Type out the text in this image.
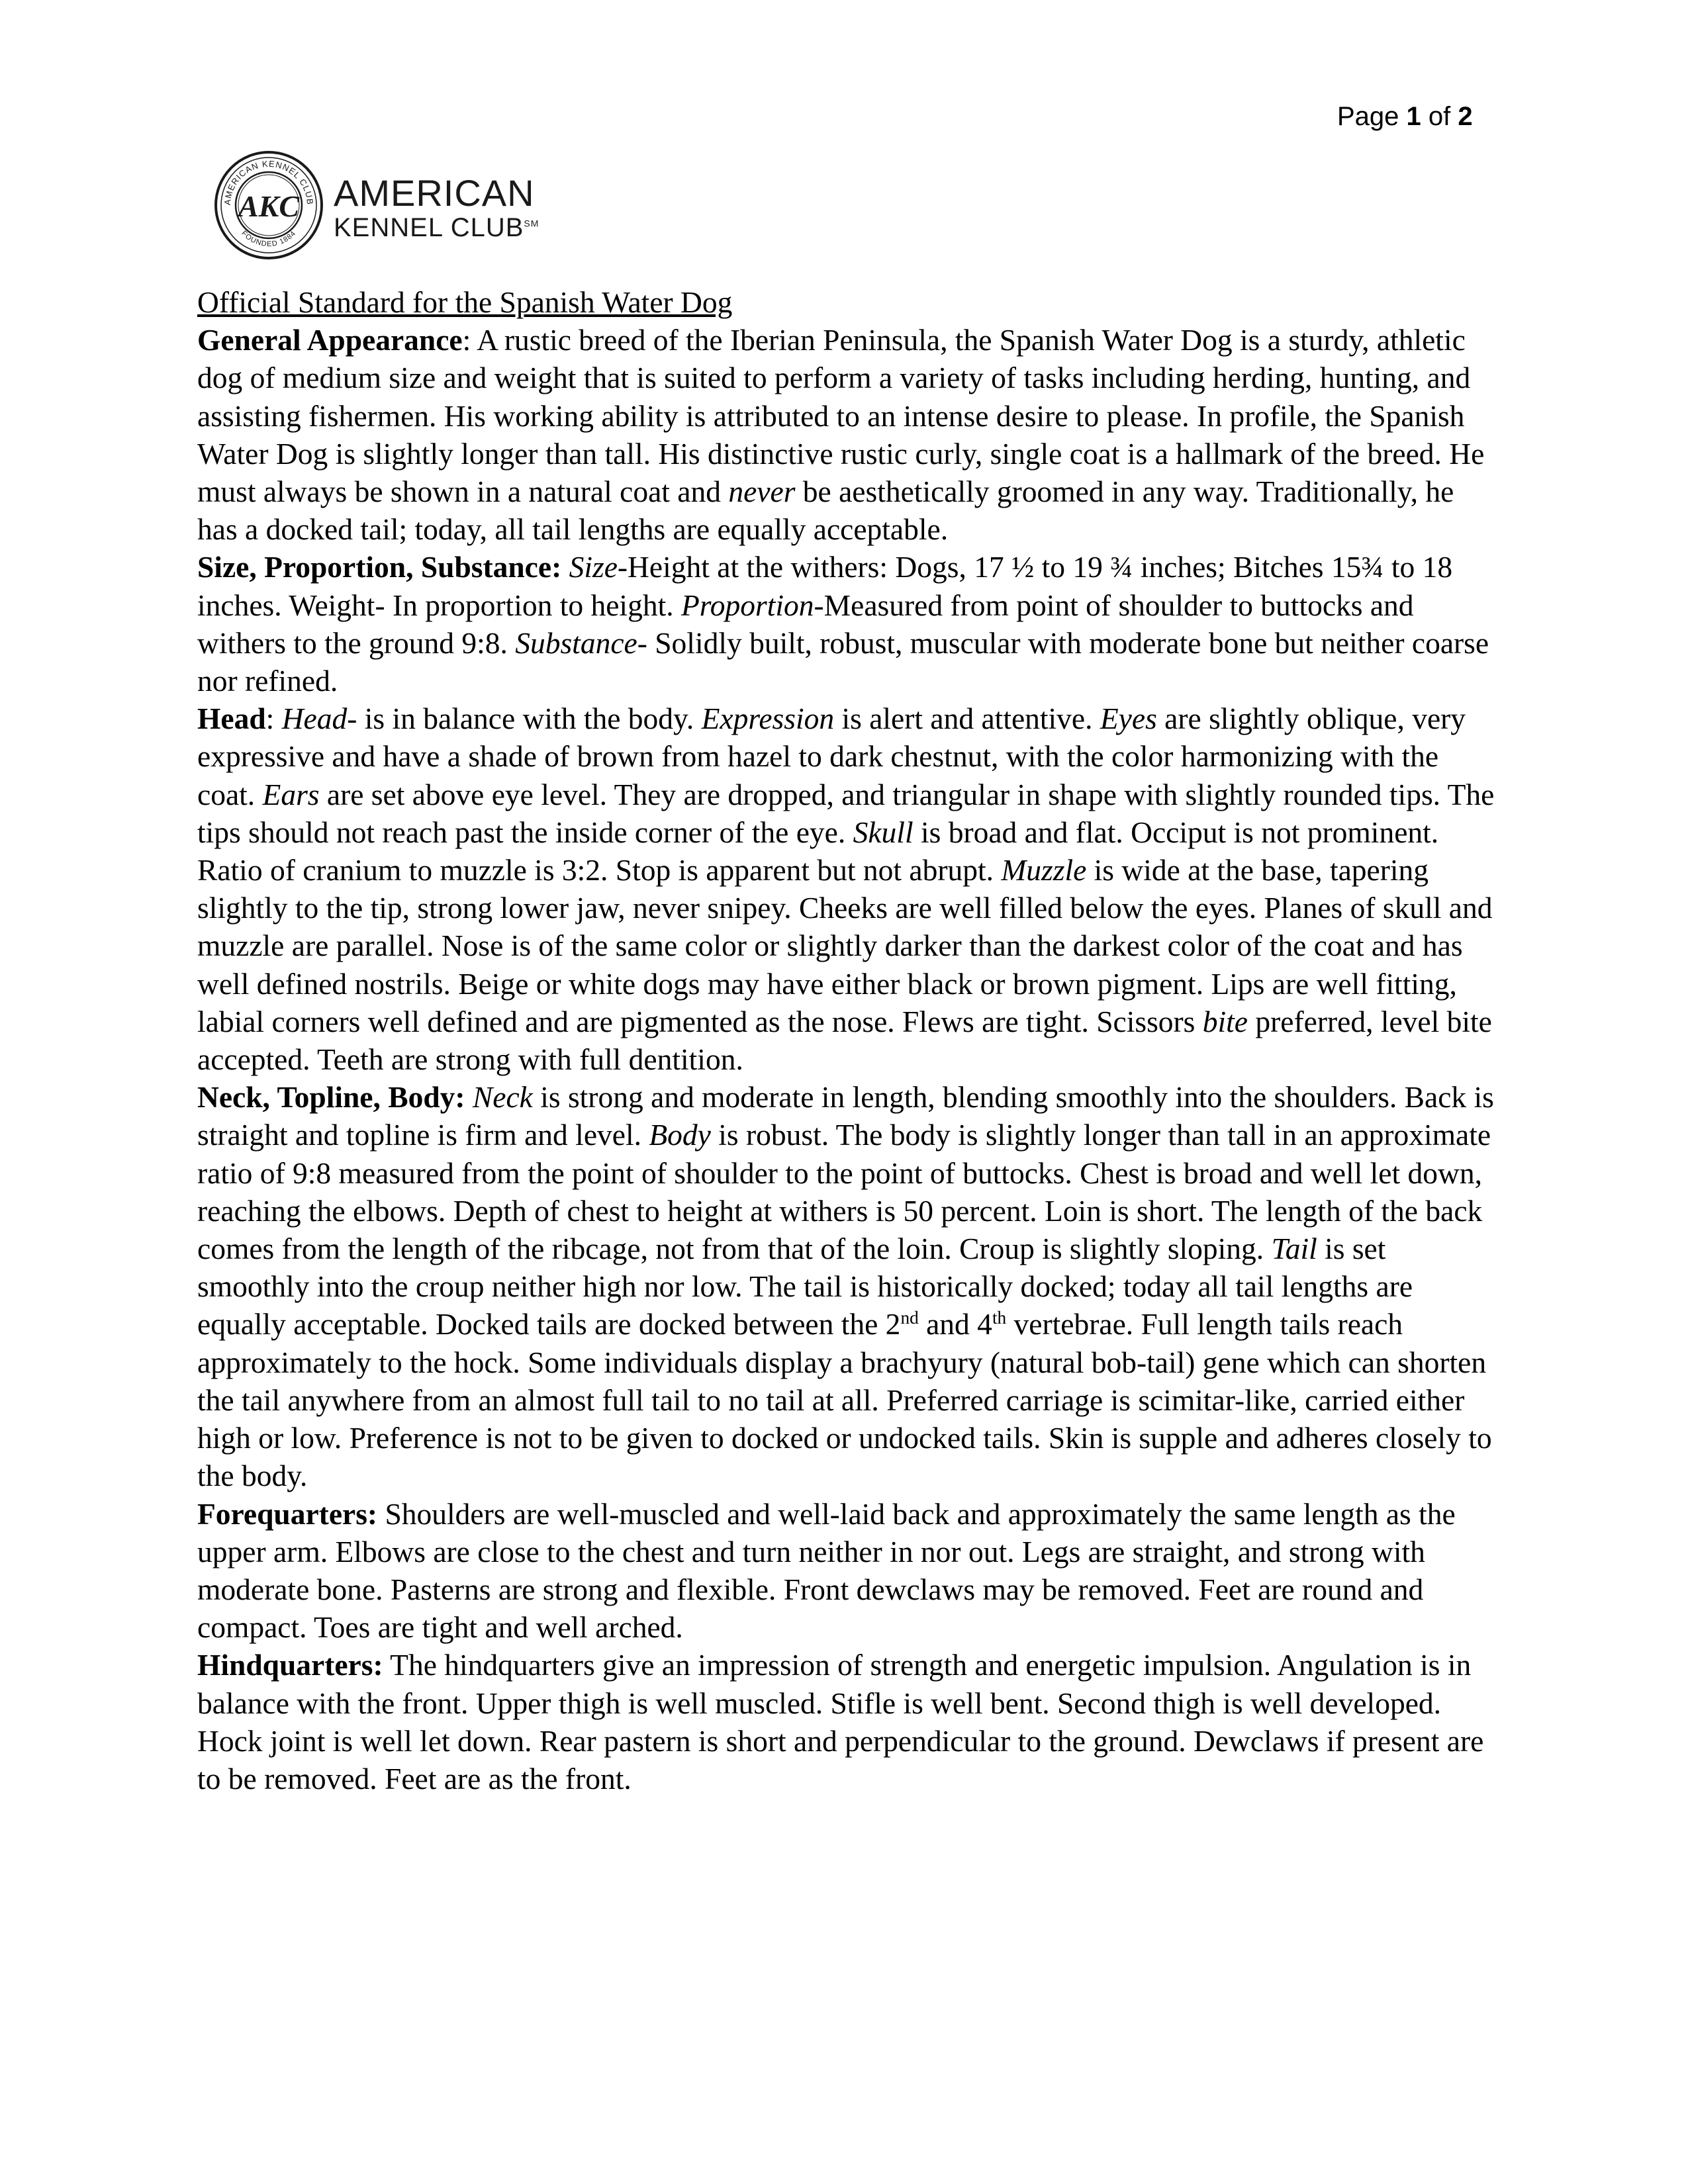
Page 1 of 2
AMERICAN KENNEL CLUB
FOUNDED 1884
AKC AMERICAN
KENNEL CLUB℠

Official Standard for the Spanish Water Dog

General Appearance: A rustic breed of the Iberian Peninsula, the Spanish Water Dog is a sturdy, athletic dog of medium size and weight that is suited to perform a variety of tasks including herding, hunting, and assisting fishermen. His working ability is attributed to an intense desire to please. In profile, the Spanish Water Dog is slightly longer than tall. His distinctive rustic curly, single coat is a hallmark of the breed. He must always be shown in a natural coat and never be aesthetically groomed in any way. Traditionally, he has a docked tail; today, all tail lengths are equally acceptable.

Size, Proportion, Substance: Size-Height at the withers: Dogs, 17 ½ to 19 ¾ inches; Bitches 15¾ to 18 inches. Weight- In proportion to height. Proportion-Measured from point of shoulder to buttocks and withers to the ground 9:8. Substance- Solidly built, robust, muscular with moderate bone but neither coarse nor refined.

Head: Head- is in balance with the body. Expression is alert and attentive. Eyes are slightly oblique, very expressive and have a shade of brown from hazel to dark chestnut, with the color harmonizing with the coat. Ears are set above eye level. They are dropped, and triangular in shape with slightly rounded tips. The tips should not reach past the inside corner of the eye. Skull is broad and flat. Occiput is not prominent. Ratio of cranium to muzzle is 3:2. Stop is apparent but not abrupt. Muzzle is wide at the base, tapering slightly to the tip, strong lower jaw, never snipey. Cheeks are well filled below the eyes. Planes of skull and muzzle are parallel. Nose is of the same color or slightly darker than the darkest color of the coat and has well defined nostrils. Beige or white dogs may have either black or brown pigment. Lips are well fitting, labial corners well defined and are pigmented as the nose. Flews are tight. Scissors bite preferred, level bite accepted. Teeth are strong with full dentition.

Neck, Topline, Body: Neck is strong and moderate in length, blending smoothly into the shoulders. Back is straight and topline is firm and level. Body is robust. The body is slightly longer than tall in an approximate ratio of 9:8 measured from the point of shoulder to the point of buttocks. Chest is broad and well let down, reaching the elbows. Depth of chest to height at withers is 50 percent. Loin is short. The length of the back comes from the length of the ribcage, not from that of the loin. Croup is slightly sloping. Tail is set smoothly into the croup neither high nor low. The tail is historically docked; today all tail lengths are equally acceptable. Docked tails are docked between the 2nd and 4th vertebrae. Full length tails reach approximately to the hock. Some individuals display a brachyury (natural bob-tail) gene which can shorten the tail anywhere from an almost full tail to no tail at all. Preferred carriage is scimitar-like, carried either high or low. Preference is not to be given to docked or undocked tails. Skin is supple and adheres closely to the body.

Forequarters: Shoulders are well-muscled and well-laid back and approximately the same length as the upper arm. Elbows are close to the chest and turn neither in nor out. Legs are straight, and strong with moderate bone. Pasterns are strong and flexible. Front dewclaws may be removed. Feet are round and compact. Toes are tight and well arched.

Hindquarters: The hindquarters give an impression of strength and energetic impulsion. Angulation is in balance with the front. Upper thigh is well muscled. Stifle is well bent. Second thigh is well developed. Hock joint is well let down. Rear pastern is short and perpendicular to the ground. Dewclaws if present are to be removed. Feet are as the front.
